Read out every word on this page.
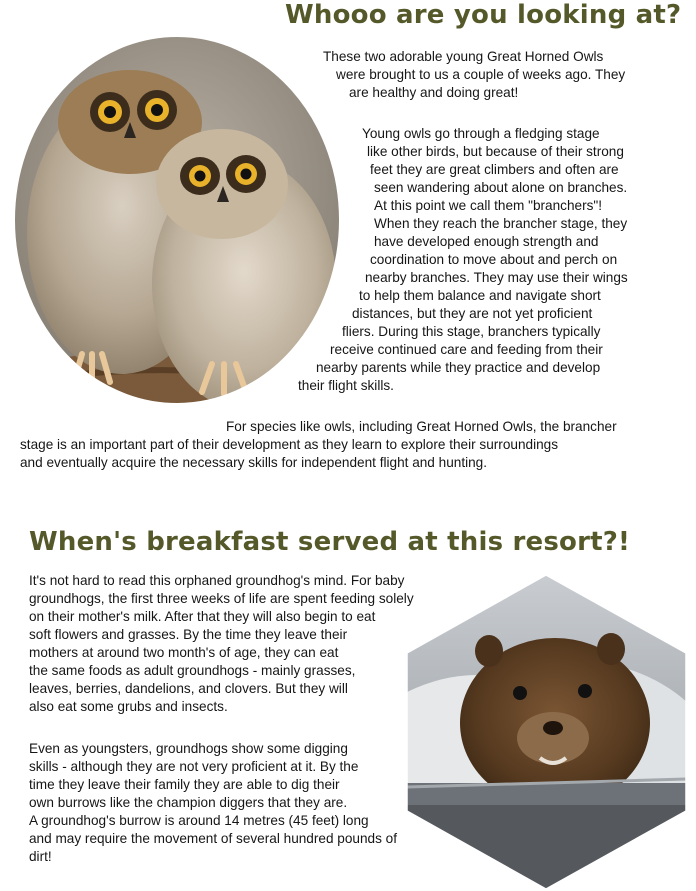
Whooo are you looking at?
These two adorable young Great Horned Owls
were brought to us a couple of weeks ago. They
are healthy and doing great!
Young owls go through a fledging stage
like other birds, but because of their strong
feet they are great climbers and often are
seen wandering about alone on branches.
At this point we call them "branchers"!
When they reach the brancher stage, they
have developed enough strength and
coordination to move about and perch on
nearby branches. They may use their wings
to help them balance and navigate short
distances, but they are not yet proficient
fliers. During this stage, branchers typically
receive continued care and feeding from their
nearby parents while they practice and develop
their flight skills.
For species like owls, including Great Horned Owls, the brancher
stage is an important part of their development as they learn to explore their surroundings
and eventually acquire the necessary skills for independent flight and hunting.
When's breakfast served at this resort?!
It's not hard to read this orphaned groundhog's mind. For baby
groundhogs, the first three weeks of life are spent feeding solely
on their mother's milk. After that they will also begin to eat
soft flowers and grasses. By the time they leave their
mothers at around two month's of age, they can eat
the same foods as adult groundhogs - mainly grasses,
leaves, berries, dandelions, and clovers. But they will
also eat some grubs and insects.
Even as youngsters, groundhogs show some digging
skills - although they are not very proficient at it. By the
time they leave their family they are able to dig their
own burrows like the champion diggers that they are.
A groundhog's burrow is around 14 metres (45 feet) long
and may require the movement of several hundred pounds of
dirt!
